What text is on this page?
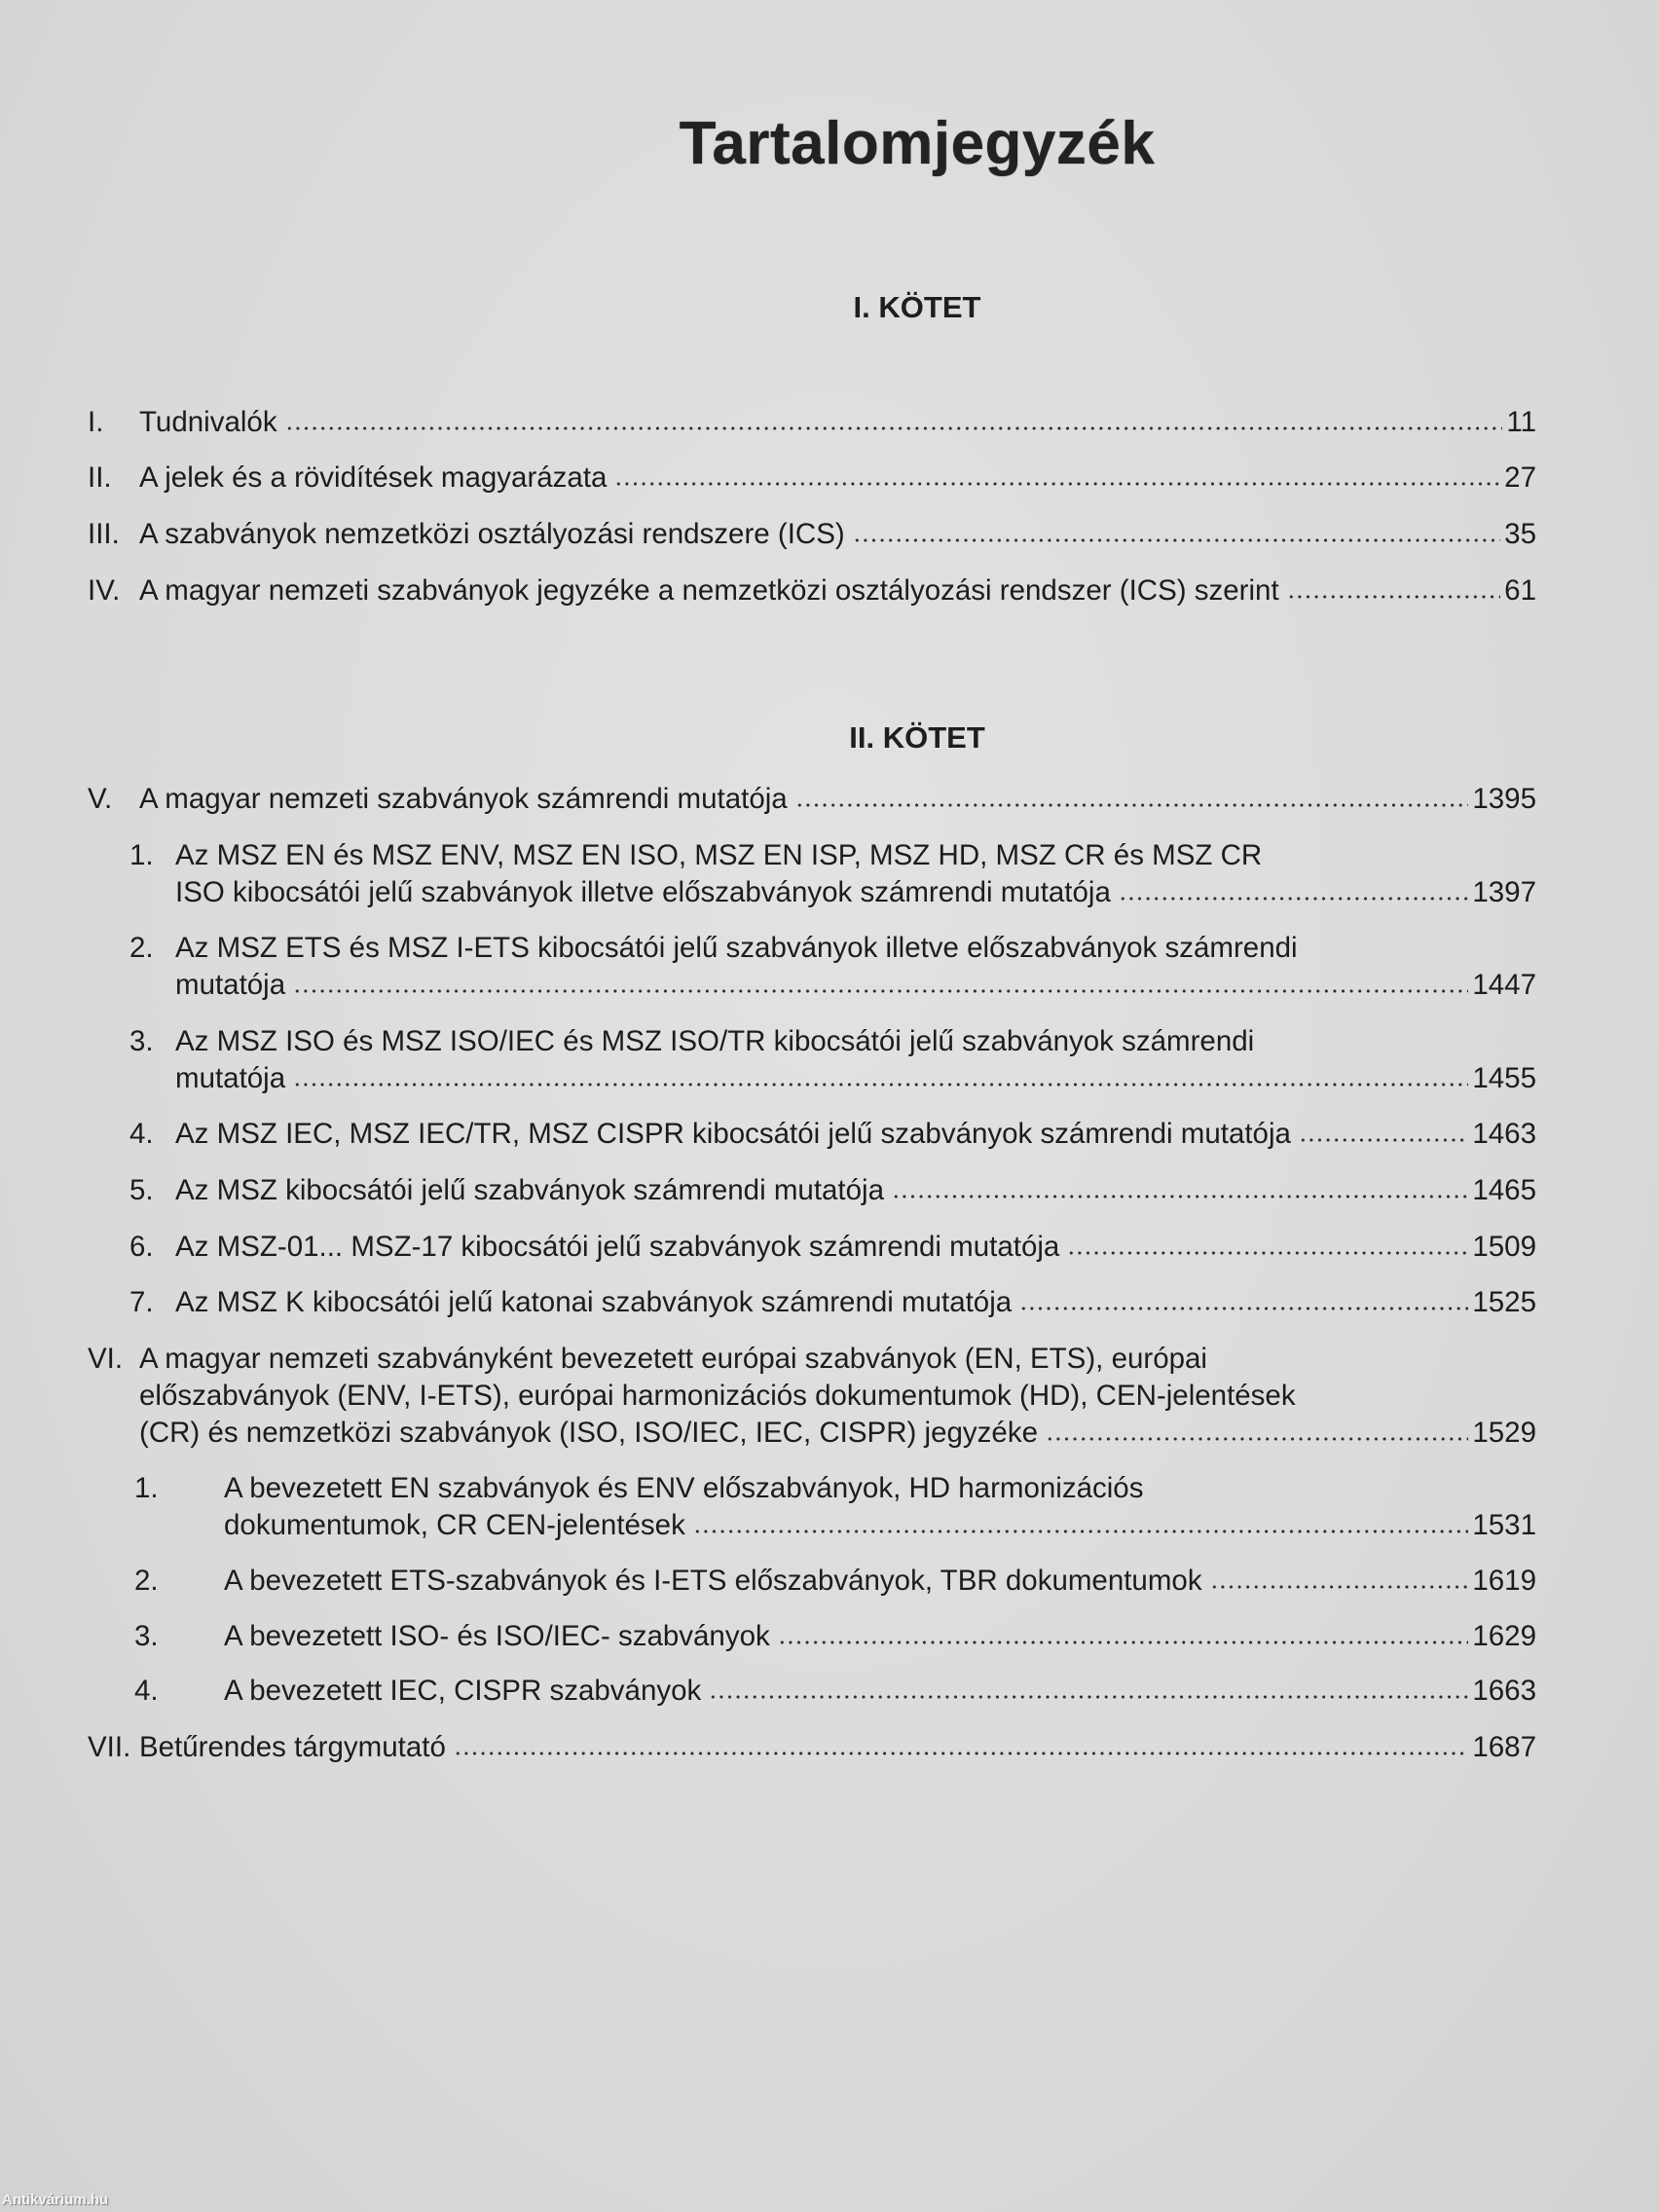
Tartalomjegyzék
I. KÖTET
II. KÖTET
I. Tudnivalók	11
II. A jelek és a rövidítések magyarázata	27
III. A szabványok nemzetközi osztályozási rendszere (ICS)	35
IV. A magyar nemzeti szabványok jegyzéke a nemzetközi osztályozási rendszer (ICS) szerint	61
V. A magyar nemzeti szabványok számrendi mutatója	1395
1. Az MSZ EN és MSZ ENV, MSZ EN ISO, MSZ EN ISP, MSZ HD, MSZ CR és MSZ CR
ISO kibocsátói jelű szabványok illetve előszabványok számrendi mutatója	1397
2. Az MSZ ETS és MSZ I-ETS kibocsátói jelű szabványok illetve előszabványok számrendi
mutatója	1447
3. Az MSZ ISO és MSZ ISO/IEC és MSZ ISO/TR kibocsátói jelű szabványok számrendi
mutatója	1455
4. Az MSZ IEC, MSZ IEC/TR, MSZ CISPR kibocsátói jelű szabványok számrendi mutatója	1463
5. Az MSZ kibocsátói jelű szabványok számrendi mutatója	1465
6. Az MSZ-01... MSZ-17 kibocsátói jelű szabványok számrendi mutatója	1509
7. Az MSZ K kibocsátói jelű katonai szabványok számrendi mutatója	1525
VI. A magyar nemzeti szabványként bevezetett európai szabványok (EN, ETS), európai
előszabványok (ENV, I-ETS), európai harmonizációs dokumentumok (HD), CEN-jelentések
(CR) és nemzetközi szabványok (ISO, ISO/IEC, IEC, CISPR) jegyzéke	1529
1. A bevezetett EN szabványok és ENV előszabványok, HD harmonizációs
dokumentumok, CR CEN-jelentések	1531
2. A bevezetett ETS-szabványok és I-ETS előszabványok, TBR dokumentumok	1619
3. A bevezetett ISO- és ISO/IEC- szabványok	1629
4. A bevezetett IEC, CISPR szabványok	1663
VII. Betűrendes tárgymutató	1687
Antikvárium.hu
